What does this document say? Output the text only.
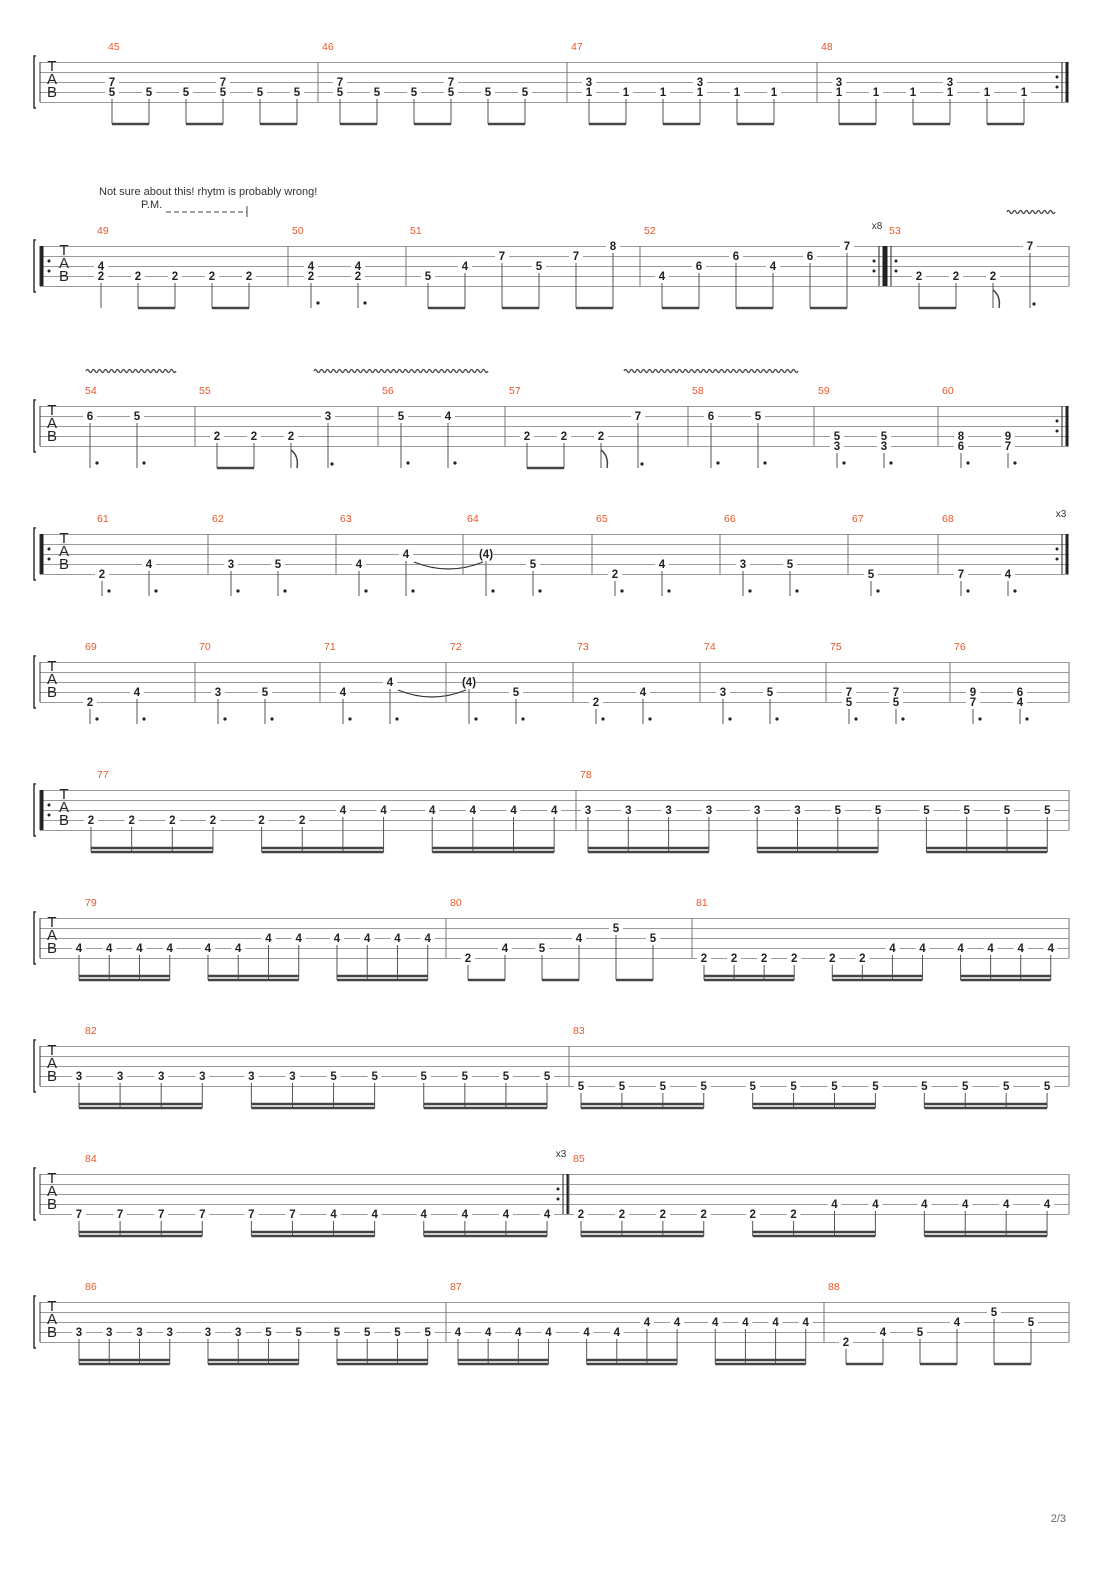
T
A
B
45
7
5	5	5
7
5	5	5
46
7
5	5	5
7
5	5	5
47
3
1	1	1
3
1	1	1
48
3
1	1	1
3
1	1	1
T
A
B
49
4
2	2	2	2	2
50
4
2
4
2
51
5
4
7
5
7
8
52	x8
4
6
6
4
6
7
53
2	2	2
7
T
A
B
54
6	5
55
2	2	2
3
56
5	4
57
2	2	2
7
58
6	5
59
5
3
5
3
60
8
6
9
7
T
A
B
61
2
4
62
3	5
63
4
4
64
(4)
5
65
2
4
66
3	5
67
5
68	x3
7	4
T
A
B
69
2
4
70
3	5
71
4
4
72
(4)
5
73
2
4
74
3	5
75
7
5
7
5
76
9
7
6
4
T
A
B
77
2	2	2	2	2	2
4	4	4	4	4	4
78
3	3	3	3	3	3	5	5	5	5	5	5
T
A
B
79
4 4 4 4	4 4
4 4	4 4 4 4
80
2
4	5
4
5
5
81
2 2 2 2	2 2
4 4	4 4 4 4
T
A
B
82
3	3	3	3	3	3	5	5	5	5	5	5
83
5	5	5	5	5	5	5	5	5	5	5	5
T
A
B
84	x3
7	7	7	7	7	7	4	4	4	4	4	4
85
2	2	2	2	2	2
4	4	4	4	4	4
T
A
B
86
3 3 3 3	3 3 5 5	5 5 5 5
87
4 4 4 4	4 4
4 4	4 4 4 4
88
2
4	5
4
5
5
Not sure about this! rhytm is probably wrong!
P.M.
2/3
